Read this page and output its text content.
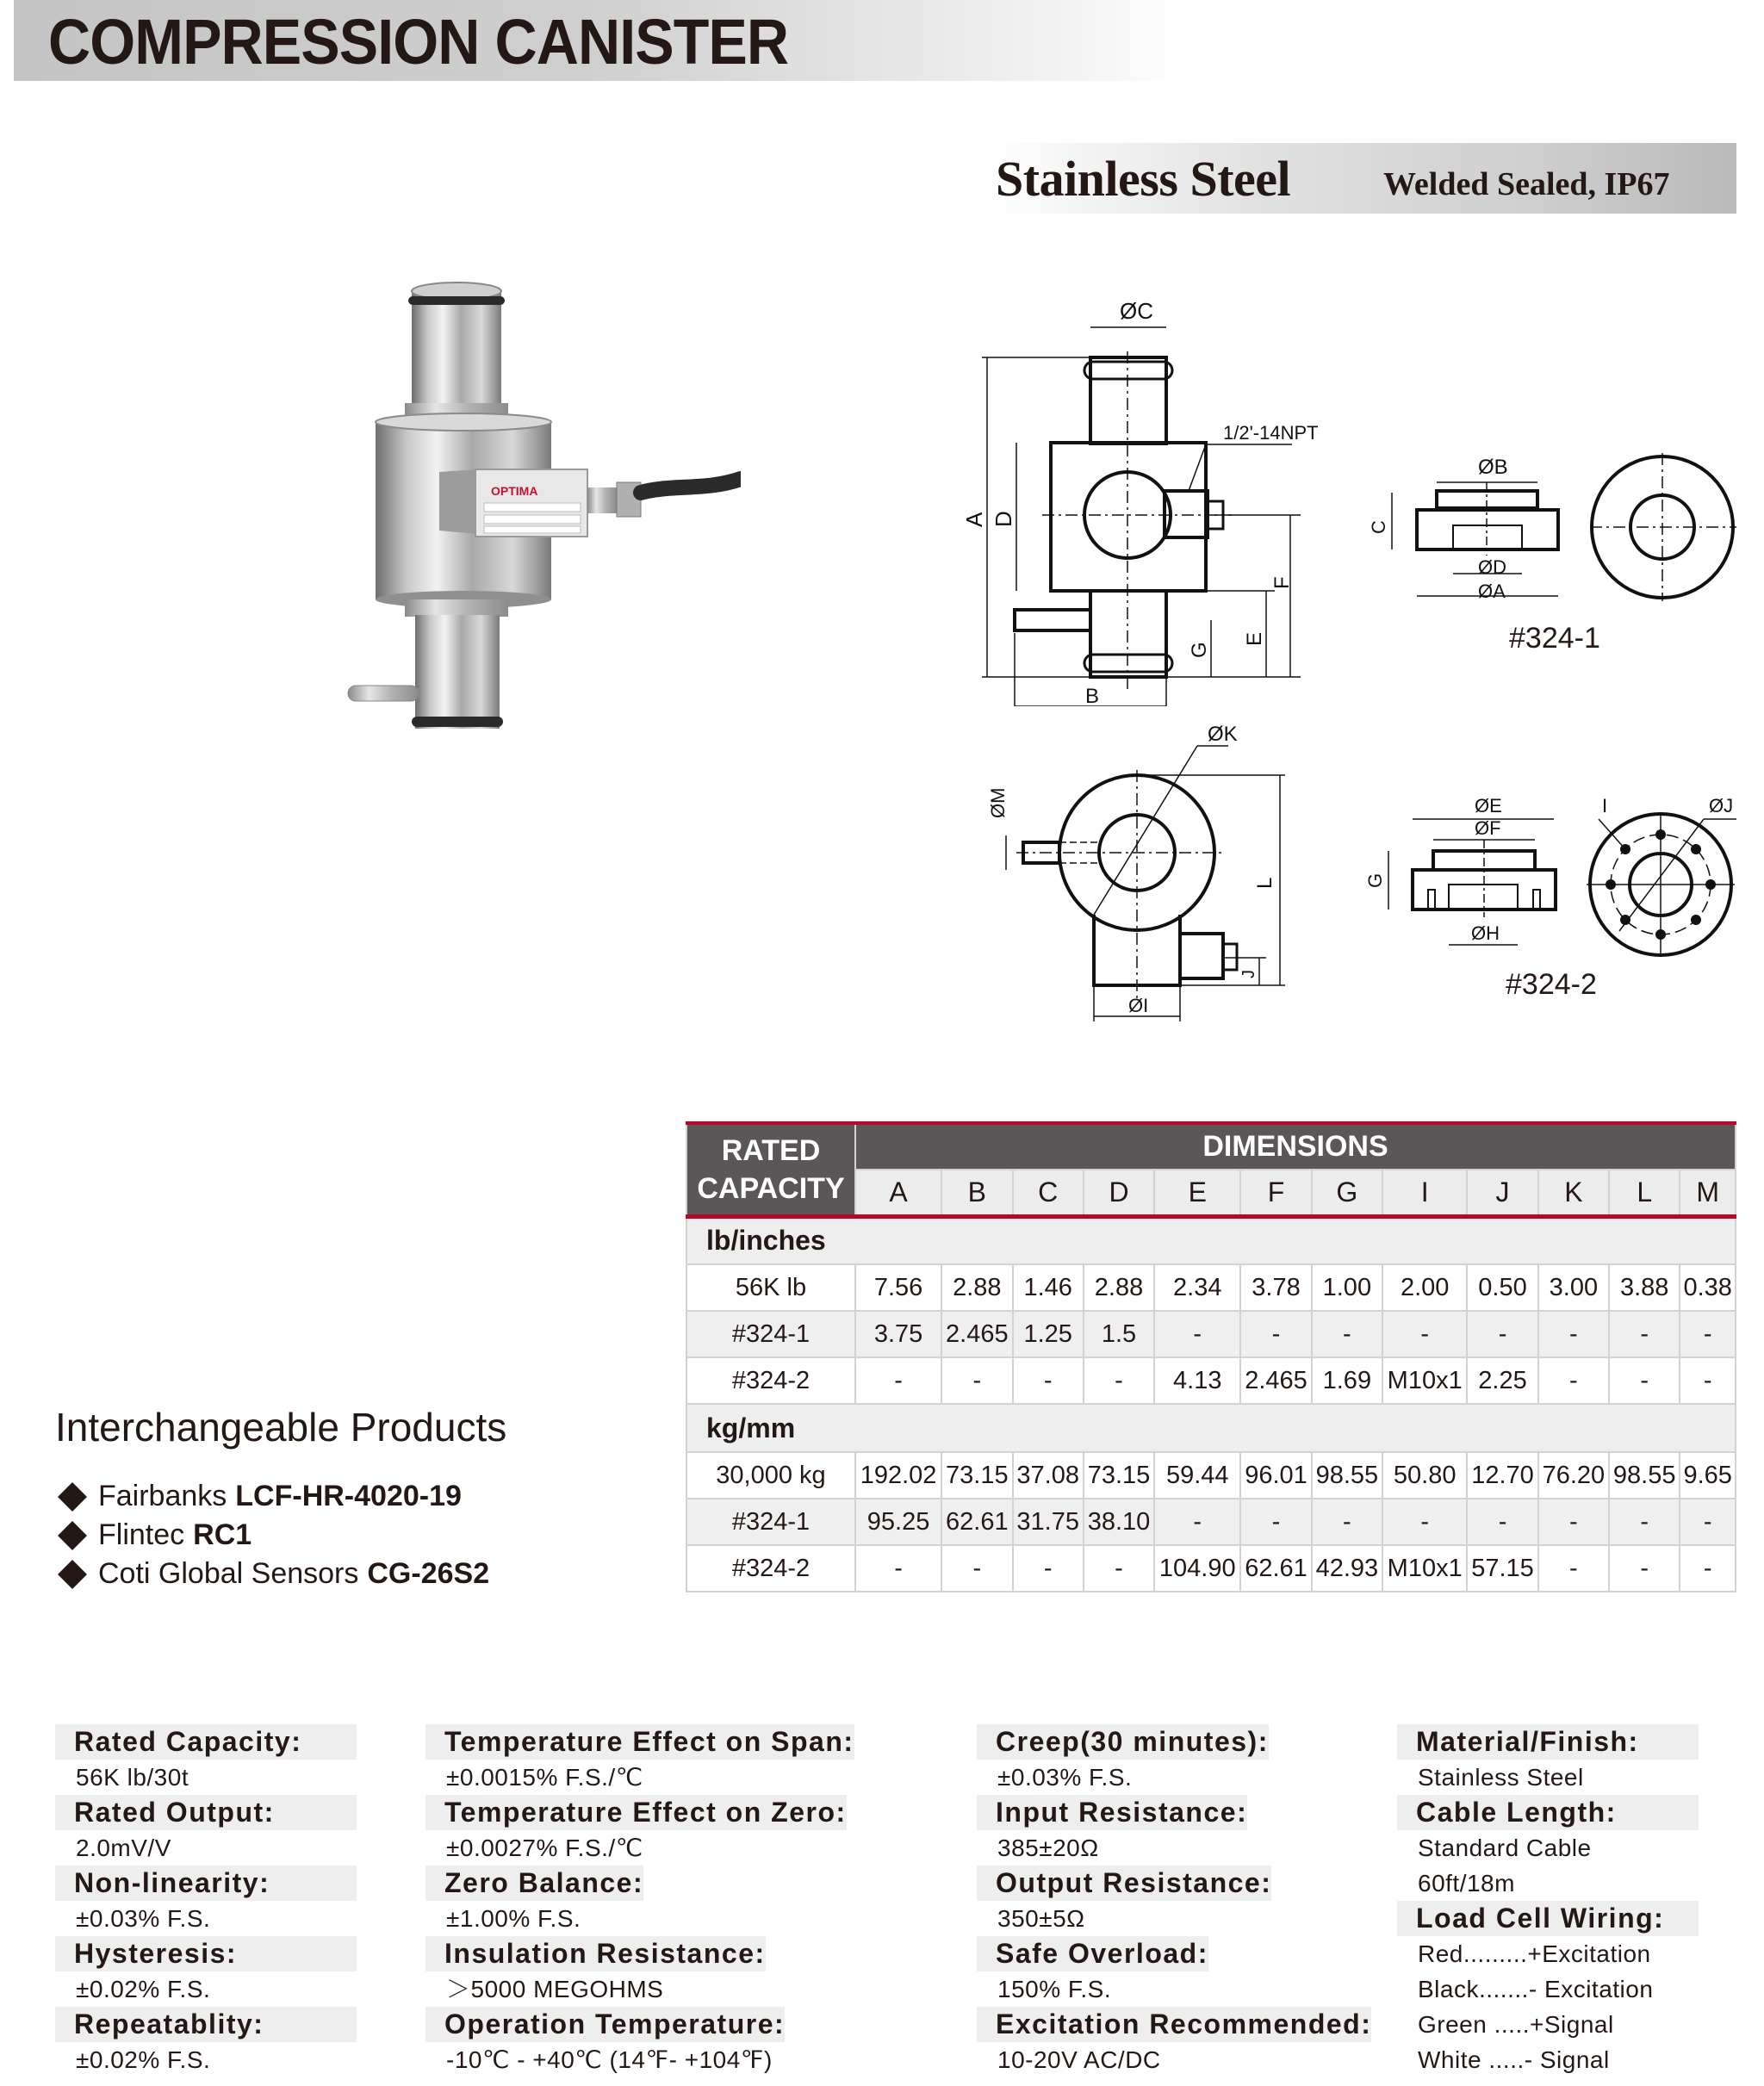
COMPRESSION CANISTER
Stainless Steel	Welded Sealed, IP67
OPTIMA
ØC
1/2'-14NPT
A D
F
E
G
B
ØB
C
ØD
ØA
#324-1
ØK
ØM
L
J
ØI
ØE
ØF
G
ØH
I	ØJ
#324-2
RATED
CAPACITY	DIMENSIONS											
	A	B	C	D	E	F	G	I	J	K	L	M
lb/inches												
56K lb	7.56	2.88	1.46	2.88	2.34	3.78	1.00	2.00	0.50	3.00	3.88	0.38
#324-1	3.75	2.465	1.25	1.5	-	-	-	-	-	-	-	-
#324-2	-	-	-	-	4.13	2.465	1.69	M10x1	2.25	-	-	-
kg/mm												
30,000 kg	192.02	73.15	37.08	73.15	59.44	96.01	98.55	50.80	12.70	76.20	98.55	9.65
#324-1	95.25	62.61	31.75	38.10	-	-	-	-	-	-	-	-
#324-2	-	-	-	-	104.90	62.61	42.93	M10x1	57.15	-	-	-
Interchangeable Products
Fairbanks LCF-HR-4020-19
Flintec RC1
Coti Global Sensors CG-26S2
Rated Capacity:
56K lb/30t
Rated Output:
2.0mV/V
Non-linearity:
±0.03% F.S.
Hysteresis:
±0.02% F.S.
Repeatablity:
±0.02% F.S.
Temperature Effect on Span:

±0.0015% F.S./℃
Temperature Effect on Zero:

±0.0027% F.S./℃
Zero Balance:

±1.00% F.S.
Insulation Resistance:

＞5000 MEGOHMS
Operation Temperature:

-10℃ - +40℃ (14℉- +104℉)
Creep(30 minutes):

±0.03% F.S.
Input Resistance:

385±20Ω
Output Resistance:

350±5Ω
Safe Overload:

150% F.S.
Excitation Recommended:

10-20V AC/DC
Material/Finish:
Stainless Steel
Cable Length:
Standard Cable
60ft/18m
Load Cell Wiring:
Red.........+Excitation
Black.......- Excitation
Green .....+Signal
White .....- Signal
